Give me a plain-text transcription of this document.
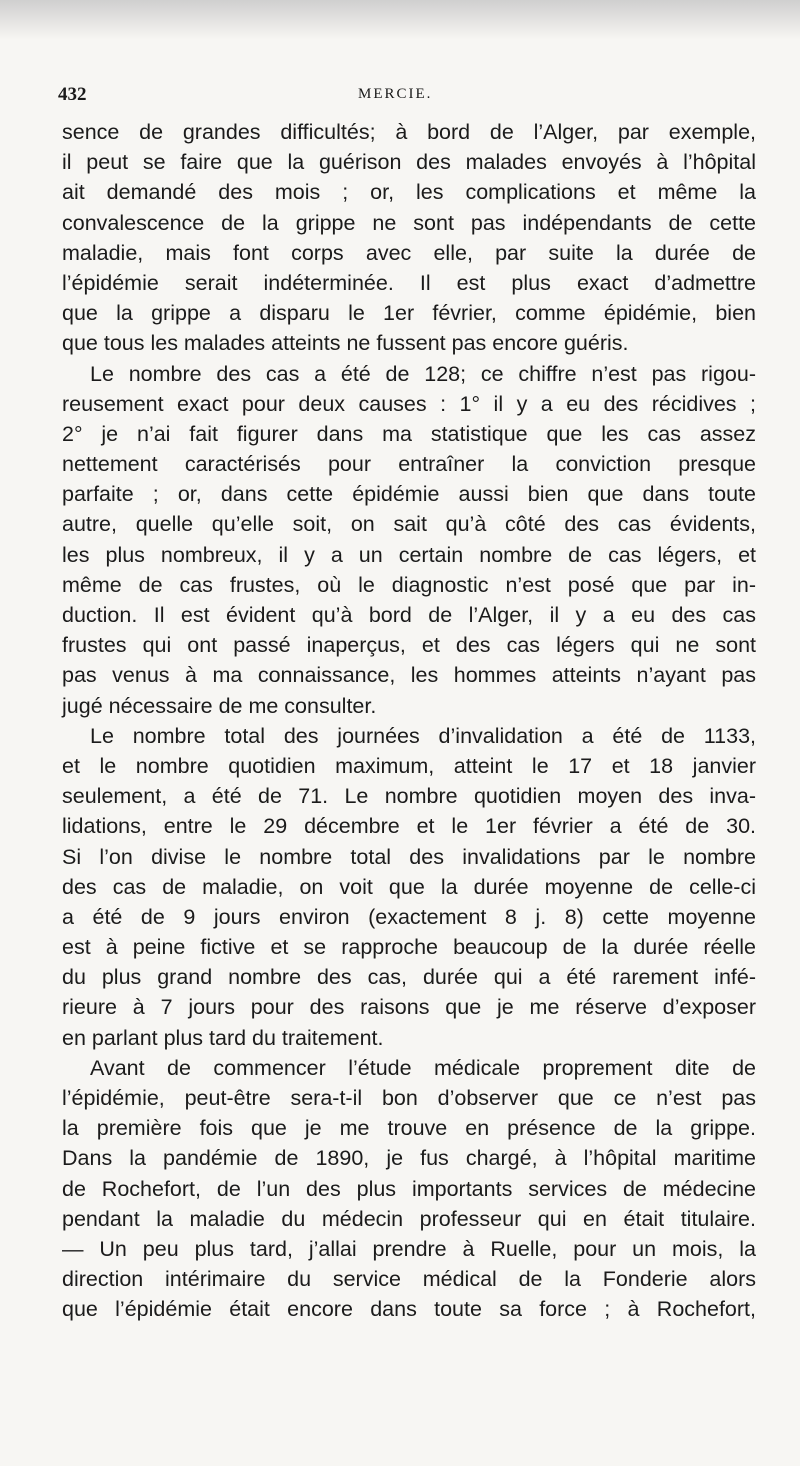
432	MERCIE.
sence de grandes difficultés; à bord de l’Alger, par exemple,
il peut se faire que la guérison des malades envoyés à l’hôpital
ait demandé des mois ; or, les complications et même la
convalescence de la grippe ne sont pas indépendants de cette
maladie, mais font corps avec elle, par suite la durée de
l’épidémie serait indéterminée. Il est plus exact d’admettre
que la grippe a disparu le 1er février, comme épidémie, bien
que tous les malades atteints ne fussent pas encore guéris.
Le nombre des cas a été de 128; ce chiffre n’est pas rigou-
reusement exact pour deux causes : 1° il y a eu des récidives ;
2° je n’ai fait figurer dans ma statistique que les cas assez
nettement caractérisés pour entraîner la conviction presque
parfaite ; or, dans cette épidémie aussi bien que dans toute
autre, quelle qu’elle soit, on sait qu’à côté des cas évidents,
les plus nombreux, il y a un certain nombre de cas légers, et
même de cas frustes, où le diagnostic n’est posé que par in-
duction. Il est évident qu’à bord de l’Alger, il y a eu des cas
frustes qui ont passé inaperçus, et des cas légers qui ne sont
pas venus à ma connaissance, les hommes atteints n’ayant pas
jugé nécessaire de me consulter.
Le nombre total des journées d’invalidation a été de 1133,
et le nombre quotidien maximum, atteint le 17 et 18 janvier
seulement, a été de 71. Le nombre quotidien moyen des inva-
lidations, entre le 29 décembre et le 1er février a été de 30.
Si l’on divise le nombre total des invalidations par le nombre
des cas de maladie, on voit que la durée moyenne de celle-ci
a été de 9 jours environ (exactement 8 j. 8) cette moyenne
est à peine fictive et se rapproche beaucoup de la durée réelle
du plus grand nombre des cas, durée qui a été rarement infé-
rieure à 7 jours pour des raisons que je me réserve d’exposer
en parlant plus tard du traitement.
Avant de commencer l’étude médicale proprement dite de
l’épidémie, peut-être sera-t-il bon d’observer que ce n’est pas
la première fois que je me trouve en présence de la grippe.
Dans la pandémie de 1890, je fus chargé, à l’hôpital maritime
de Rochefort, de l’un des plus importants services de médecine
pendant la maladie du médecin professeur qui en était titulaire.
— Un peu plus tard, j’allai prendre à Ruelle, pour un mois, la
direction intérimaire du service médical de la Fonderie alors
que l’épidémie était encore dans toute sa force ; à Rochefort,
